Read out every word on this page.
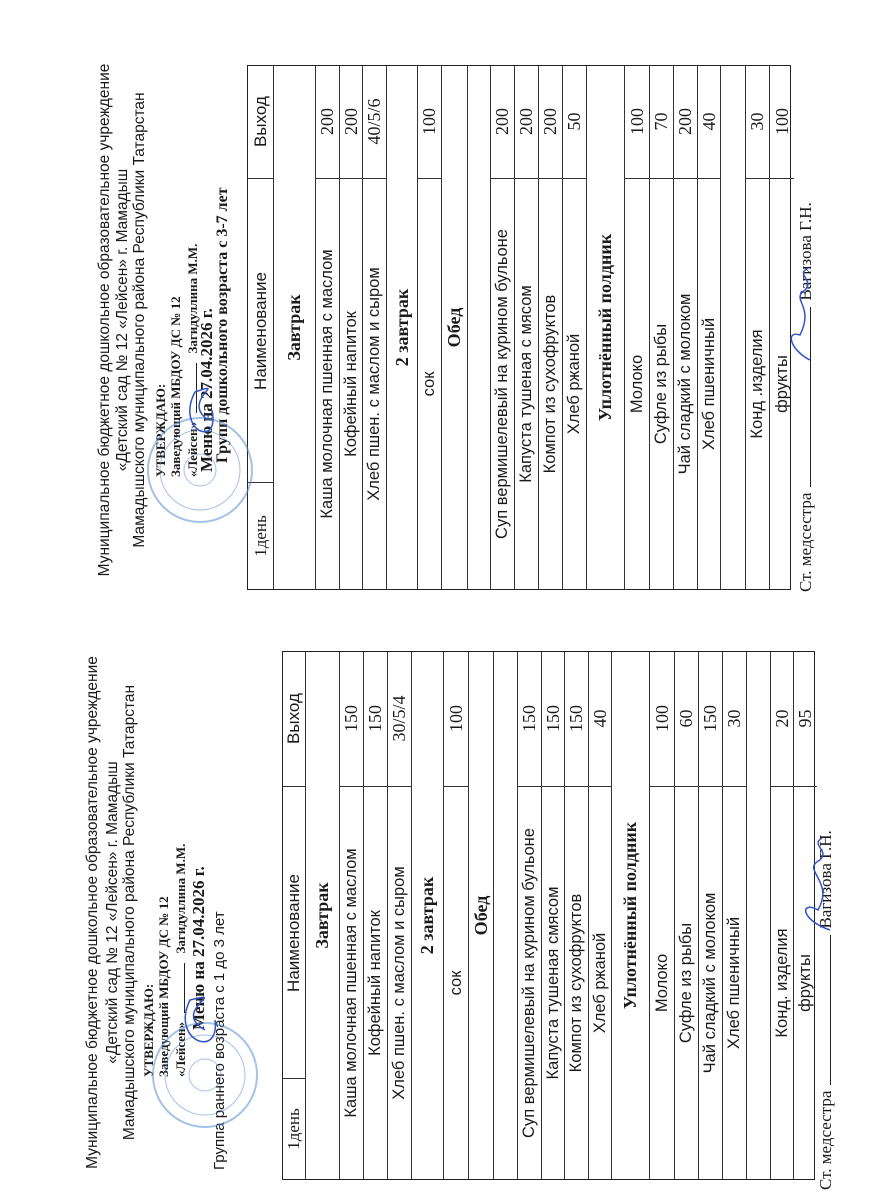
Муниципальное бюджетное дошкольное образовательное учреждение «Детский сад № 12 «Лейсен» г. Мамадыш Мамадышского муниципального района Республики Татарстан УТВЕРЖДАЮ: Заведующий МБДОУ ДС № 12 «Лейсен»  Загидуллина М.М. Меню на 27.04.2026 г. Группа раннего возраста с 1 до 3 лет	1день
Наименование
Выход
Завтрак Каша молочная пшенная с маслом
150
Кофейный напиток
150
Хлеб пшен. с маслом и сыром
30/5/4
2 завтрак
сок
100
Обед Суп вермишелевый на курином бульоне
150
Капуста тушеная смясом
150
Компот из сухофруктов
150
Хлеб ржаной
40
Уплотнённый полдник Молоко
100
Суфле из рыбы
60
Чай сладкий с молоком
150
Хлеб пшеничный
30
Конд. изделия
20
фрукты
95
Ст. медсестраВагизова Г.Н.
Муниципальное бюджетное дошкольное образовательное учреждение «Детский сад № 12 «Лейсен» г. Мамадыш Мамадышского муниципального района Республики Татарстан УТВЕРЖДАЮ: Заведующий МБДОУ ДС № 12 «Лейсен»  Загидуллина М.М.
Меню на 27.04.2026 г.
Групп дошкольного возраста с 3-7 лет
1день
Наименование
Выход
Завтрак Каша молочная пшенная с маслом
200
Кофейный напиток
200
Хлеб пшен. с маслом и сыром
40/5/6
2 завтрак
сок
100
Обед Суп вермишелевый на курином бульоне
200
Капуста тушеная с мясом
200
Компот из сухофруктов
200
Хлеб ржаной
50
Уплотнённый полдник Молоко
100
Суфле из рыбы
70
Чай сладкий с молоком
200
Хлеб пшеничный
40
Конд .изделия
30
фрукты
100
Ст. медсестраВагизова Г.Н.
